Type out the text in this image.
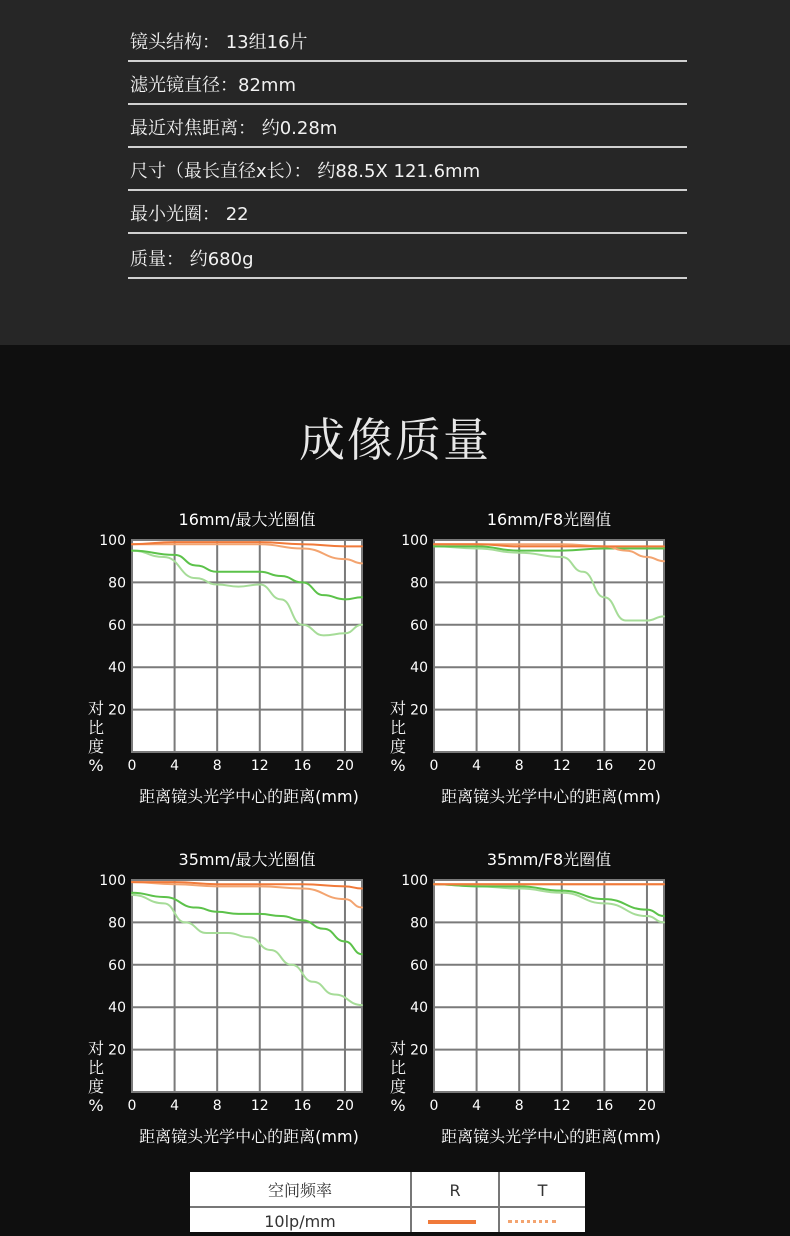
镜头结构： 13组16片
滤光镜直径：82mm
最近对焦距离： 约0.28m
尺寸（最长直径x长）： 约88.5X 121.6mm
最小光圈： 22
质量： 约680g
成像质量
16mm/最大光圈值
0 4 8 12 16 20
100
80
60
40
20
对
比
度
%
距离镜头光学中心的距离(mm)
16mm/F8光圈值
0 4 8 12 16 20
100
80
60
40
20
对
比
度
%
距离镜头光学中心的距离(mm)
35mm/最大光圈值
0 4 8 12 16 20
100
80
60
40
20
对
比
度
%
距离镜头光学中心的距离(mm)
35mm/F8光圈值
0 4 8 12 16 20
100
80
60
40
20
对
比
度
%
距离镜头光学中心的距离(mm)
空间频率	R	T
10lp/mm
